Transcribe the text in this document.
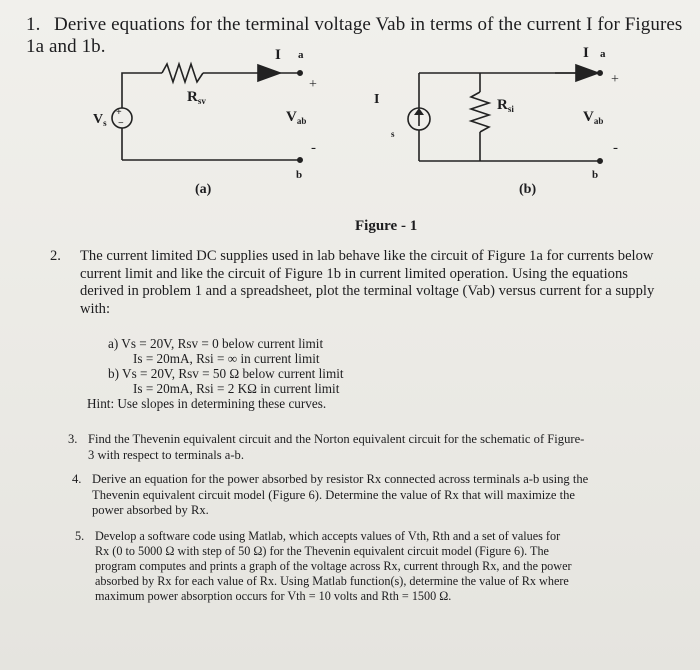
1. Derive equations for the terminal voltage Vab in terms of the current I for Figures 1a and 1b.
+
−
I a
+
$R_{sv}$
$V_s$	$V_{ab}$
-
b
(a)
I
s
$R_{si}$
I a
+
$V_{ab}$
-
b
(b)
Figure - 1
2. The current limited DC supplies used in lab behave like the circuit of Figure 1a for currents below
current limit and like the circuit of Figure 1b in current limited operation. Using the equations
derived in problem 1 and a spreadsheet, plot the terminal voltage (Vab) versus current for a supply
with:
a) Vs = 20V, Rsv = 0 below current limit
Is = 20mA, Rsi = ∞ in current limit
b) Vs = 20V, Rsv = 50 Ω below current limit
Is = 20mA, Rsi = 2 KΩ in current limit
Hint: Use slopes in determining these curves.
3. Find the Thevenin equivalent circuit and the Norton equivalent circuit for the schematic of Figure-
3 with respect to terminals a-b.
4. Derive an equation for the power absorbed by resistor Rx connected across terminals a-b using the
Thevenin equivalent circuit model (Figure 6). Determine the value of Rx that will maximize the
power absorbed by Rx.
5. Develop a software code using Matlab, which accepts values of Vth, Rth and a set of values for
Rx (0 to 5000 Ω with step of 50 Ω) for the Thevenin equivalent circuit model (Figure 6). The
program computes and prints a graph of the voltage across Rx, current through Rx, and the power
absorbed by Rx for each value of Rx. Using Matlab function(s), determine the value of Rx where
maximum power absorption occurs for Vth = 10 volts and Rth = 1500 Ω.
